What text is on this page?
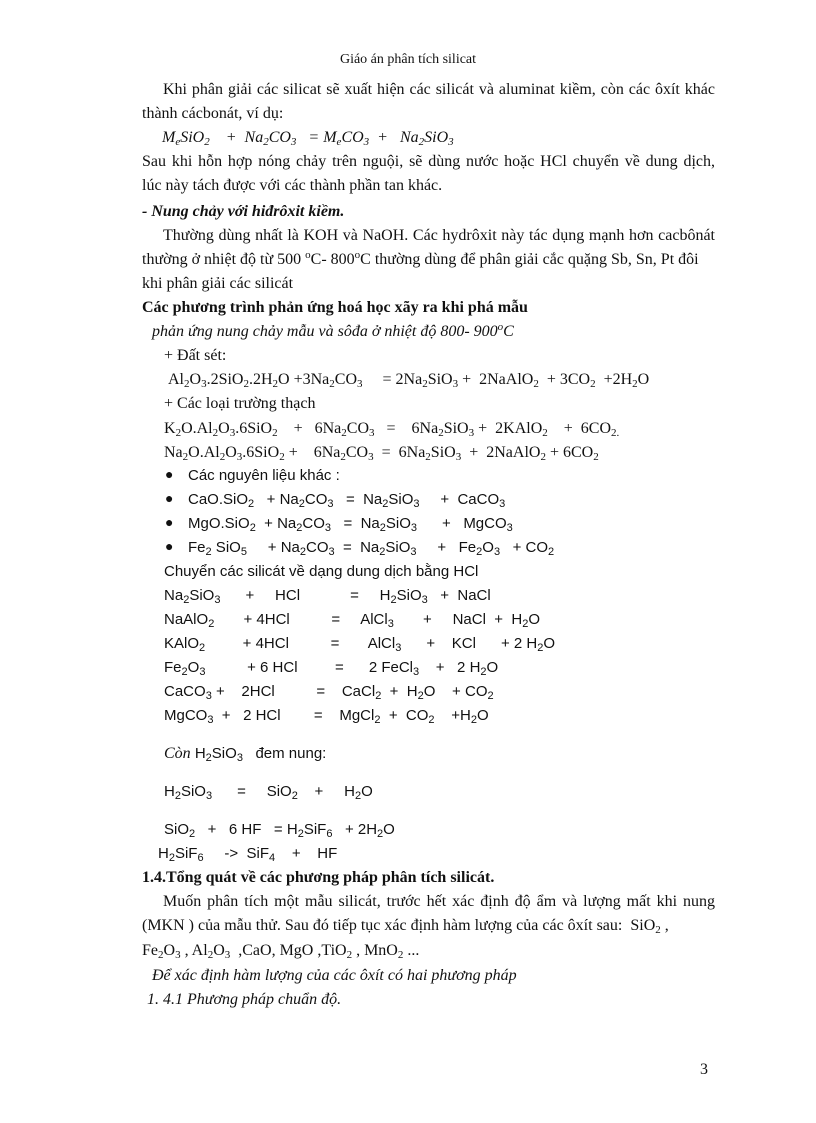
Giáo án phân tích silicat
Khi phân giải các silicat sẽ xuất hiện các silicát và aluminat kiềm, còn các ôxít khác
thành cácbonát, ví dụ:
$M_eSiO_2$    +  $Na_2CO_3 = M_eCO_3 + Na_2SiO_3$
Sau khi hỗn hợp nóng chảy trên nguội, sẽ dùng nước hoặc HCl chuyển về dung dịch,
lúc này tách được với các thành phần tan khác.
- Nung chảy với hiđrôxit kiềm.
Thường dùng nhất là KOH và NaOH. Các hydrôxit này tác dụng mạnh hơn cacbônát
thường ở nhiệt độ từ 500 $^o$C- 800$^o$C thường dùng để phân giải cắc quặng Sb, Sn, Pt đôi
khi phân giải các silicát
Các phương trình phản ứng hoá học xãy ra khi phá mẫu
phản ứng nung chảy mẫu và sôđa ở nhiệt độ 800- $900^oC$
+ Đất sét:
$Al_2O_3.2SiO_2.2H_2O +3Na_2CO_3$     = $2Na_2SiO_3$ +  2NaAlO$_2$  + $3CO_2 +2H_2O$
+ Các loại trường thạch
$K_2O.Al_2O_3.6SiO_2$    +   $6Na_2CO_3$   =    $6Na_2SiO_3$ +  2KAlO$_2$    +  $6CO_{2.}$
$Na_2O.Al_2O_3.6SiO_2$ +    $6Na_2CO_3 = 6Na_2SiO_3$  +  2NaAlO$_2$ + $6CO_2$
● Các nguyên liệu khác :
● $CaO.SiO_2 + Na_2CO_3 = Na_2SiO_3$     +  CaCO$_3$
● $MgO.SiO_2 + Na_2CO_3 = Na_2SiO_3$      +   MgCO$_3$
● $Fe_2$ SiO$_5$     + $Na_2CO_3 = Na_2SiO_3$     +   $Fe_2O_3 + CO_2$
Chuyển các silicát về dạng dung dịch bằng HCl
$Na_2SiO_3$      +     HCl            =     $H_2SiO_3$   +  NaCl
NaAlO$_2$       + 4HCl          =     AlCl$_3$       +     NaCl  +  $H_2O$
KAlO$_2$         + 4HCl          =       AlCl$_3$      +    KCl      + 2 $H_2O$
$Fe_2O_3$          + 6 HCl         =      2 FeCl$_3$    +   2 $H_2O$
CaCO$_3$ +    2HCl          =    CaCl$_2$  +  $H_2O$    + $CO_2$
MgCO$_3$  +   2 HCl        =    MgCl$_2$  +  $CO_2$    $+H_2O$
Còn $H_2SiO_3$ đem nung:
$H_2SiO_3$      =     SiO$_2$    +     $H_2O$
SiO$_2$   +   6 HF   = $H_2SiF_6 + 2H_2O$
$H_2SiF_6$     ->  SiF$_4$    +    HF
1.4.Tổng quát về các phương pháp phân tích silicát.
Muốn phân tích một mẫu silicát, trước hết xác định độ ẩm và lượng mất khi nung
(MKN ) của mẫu thử. Sau đó tiếp tục xác định hàm lượng của các ôxít sau:  SiO$_2$ ,
$Fe_2O_3$ , $Al_2O_3$  ,CaO, MgO ,TiO$_2$ , MnO$_2$ ...
Để xác định hàm lượng của các ôxít có hai phương pháp
1. 4.1 Phương pháp chuẩn độ.
3
